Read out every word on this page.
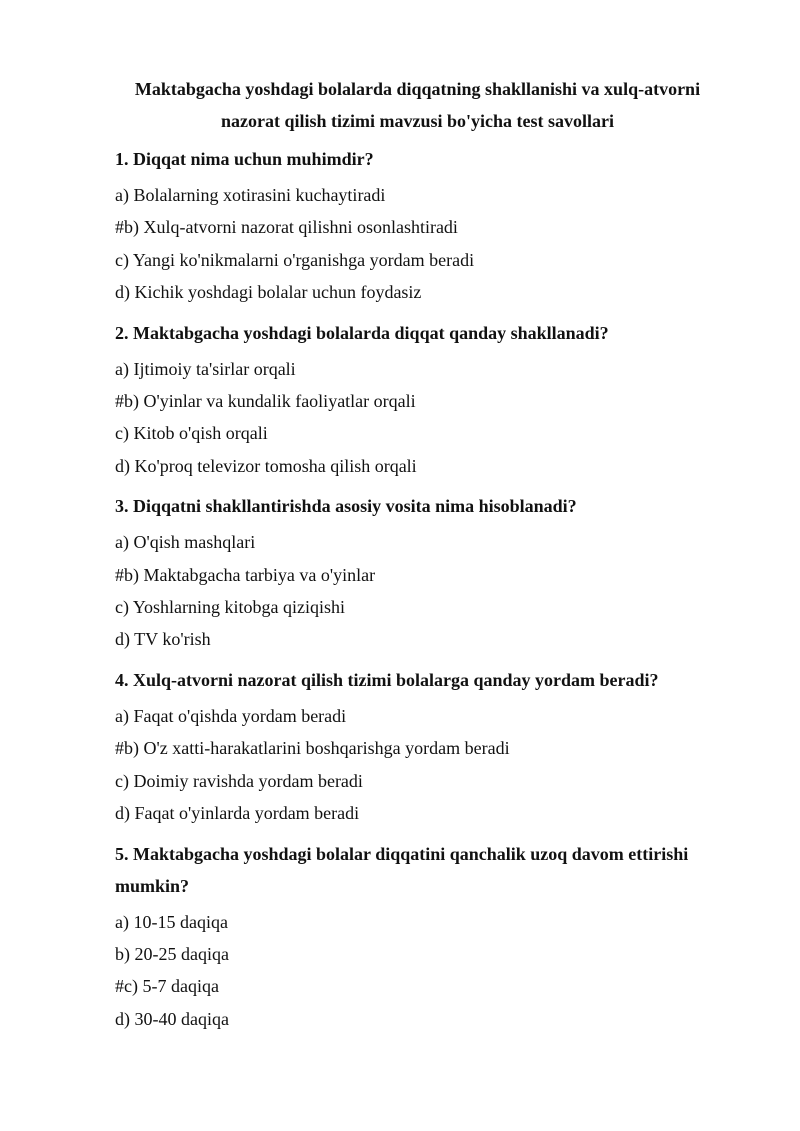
Maktabgacha yoshdagi bolalarda diqqatning shakllanishi va xulq-atvorni
nazorat qilish tizimi mavzusi bo'yicha test savollari

1. Diqqat nima uchun muhimdir?

a) Bolalarning xotirasini kuchaytiradi
#b) Xulq-atvorni nazorat qilishni osonlashtiradi
c) Yangi ko'nikmalarni o'rganishga yordam beradi
d) Kichik yoshdagi bolalar uchun foydasiz

2. Maktabgacha yoshdagi bolalarda diqqat qanday shakllanadi?

a) Ijtimoiy ta'sirlar orqali
#b) O'yinlar va kundalik faoliyatlar orqali
c) Kitob o'qish orqali
d) Ko'proq televizor tomosha qilish orqali

3. Diqqatni shakllantirishda asosiy vosita nima hisoblanadi?

a) O'qish mashqlari
#b) Maktabgacha tarbiya va o'yinlar
c) Yoshlarning kitobga qiziqishi
d) TV ko'rish

4. Xulq-atvorni nazorat qilish tizimi bolalarga qanday yordam beradi?

a) Faqat o'qishda yordam beradi
#b) O'z xatti-harakatlarini boshqarishga yordam beradi
c) Doimiy ravishda yordam beradi
d) Faqat o'yinlarda yordam beradi

5. Maktabgacha yoshdagi bolalar diqqatini qanchalik uzoq davom ettirishi mumkin?

a) 10-15 daqiqa
b) 20-25 daqiqa
#c) 5-7 daqiqa
d) 30-40 daqiqa
